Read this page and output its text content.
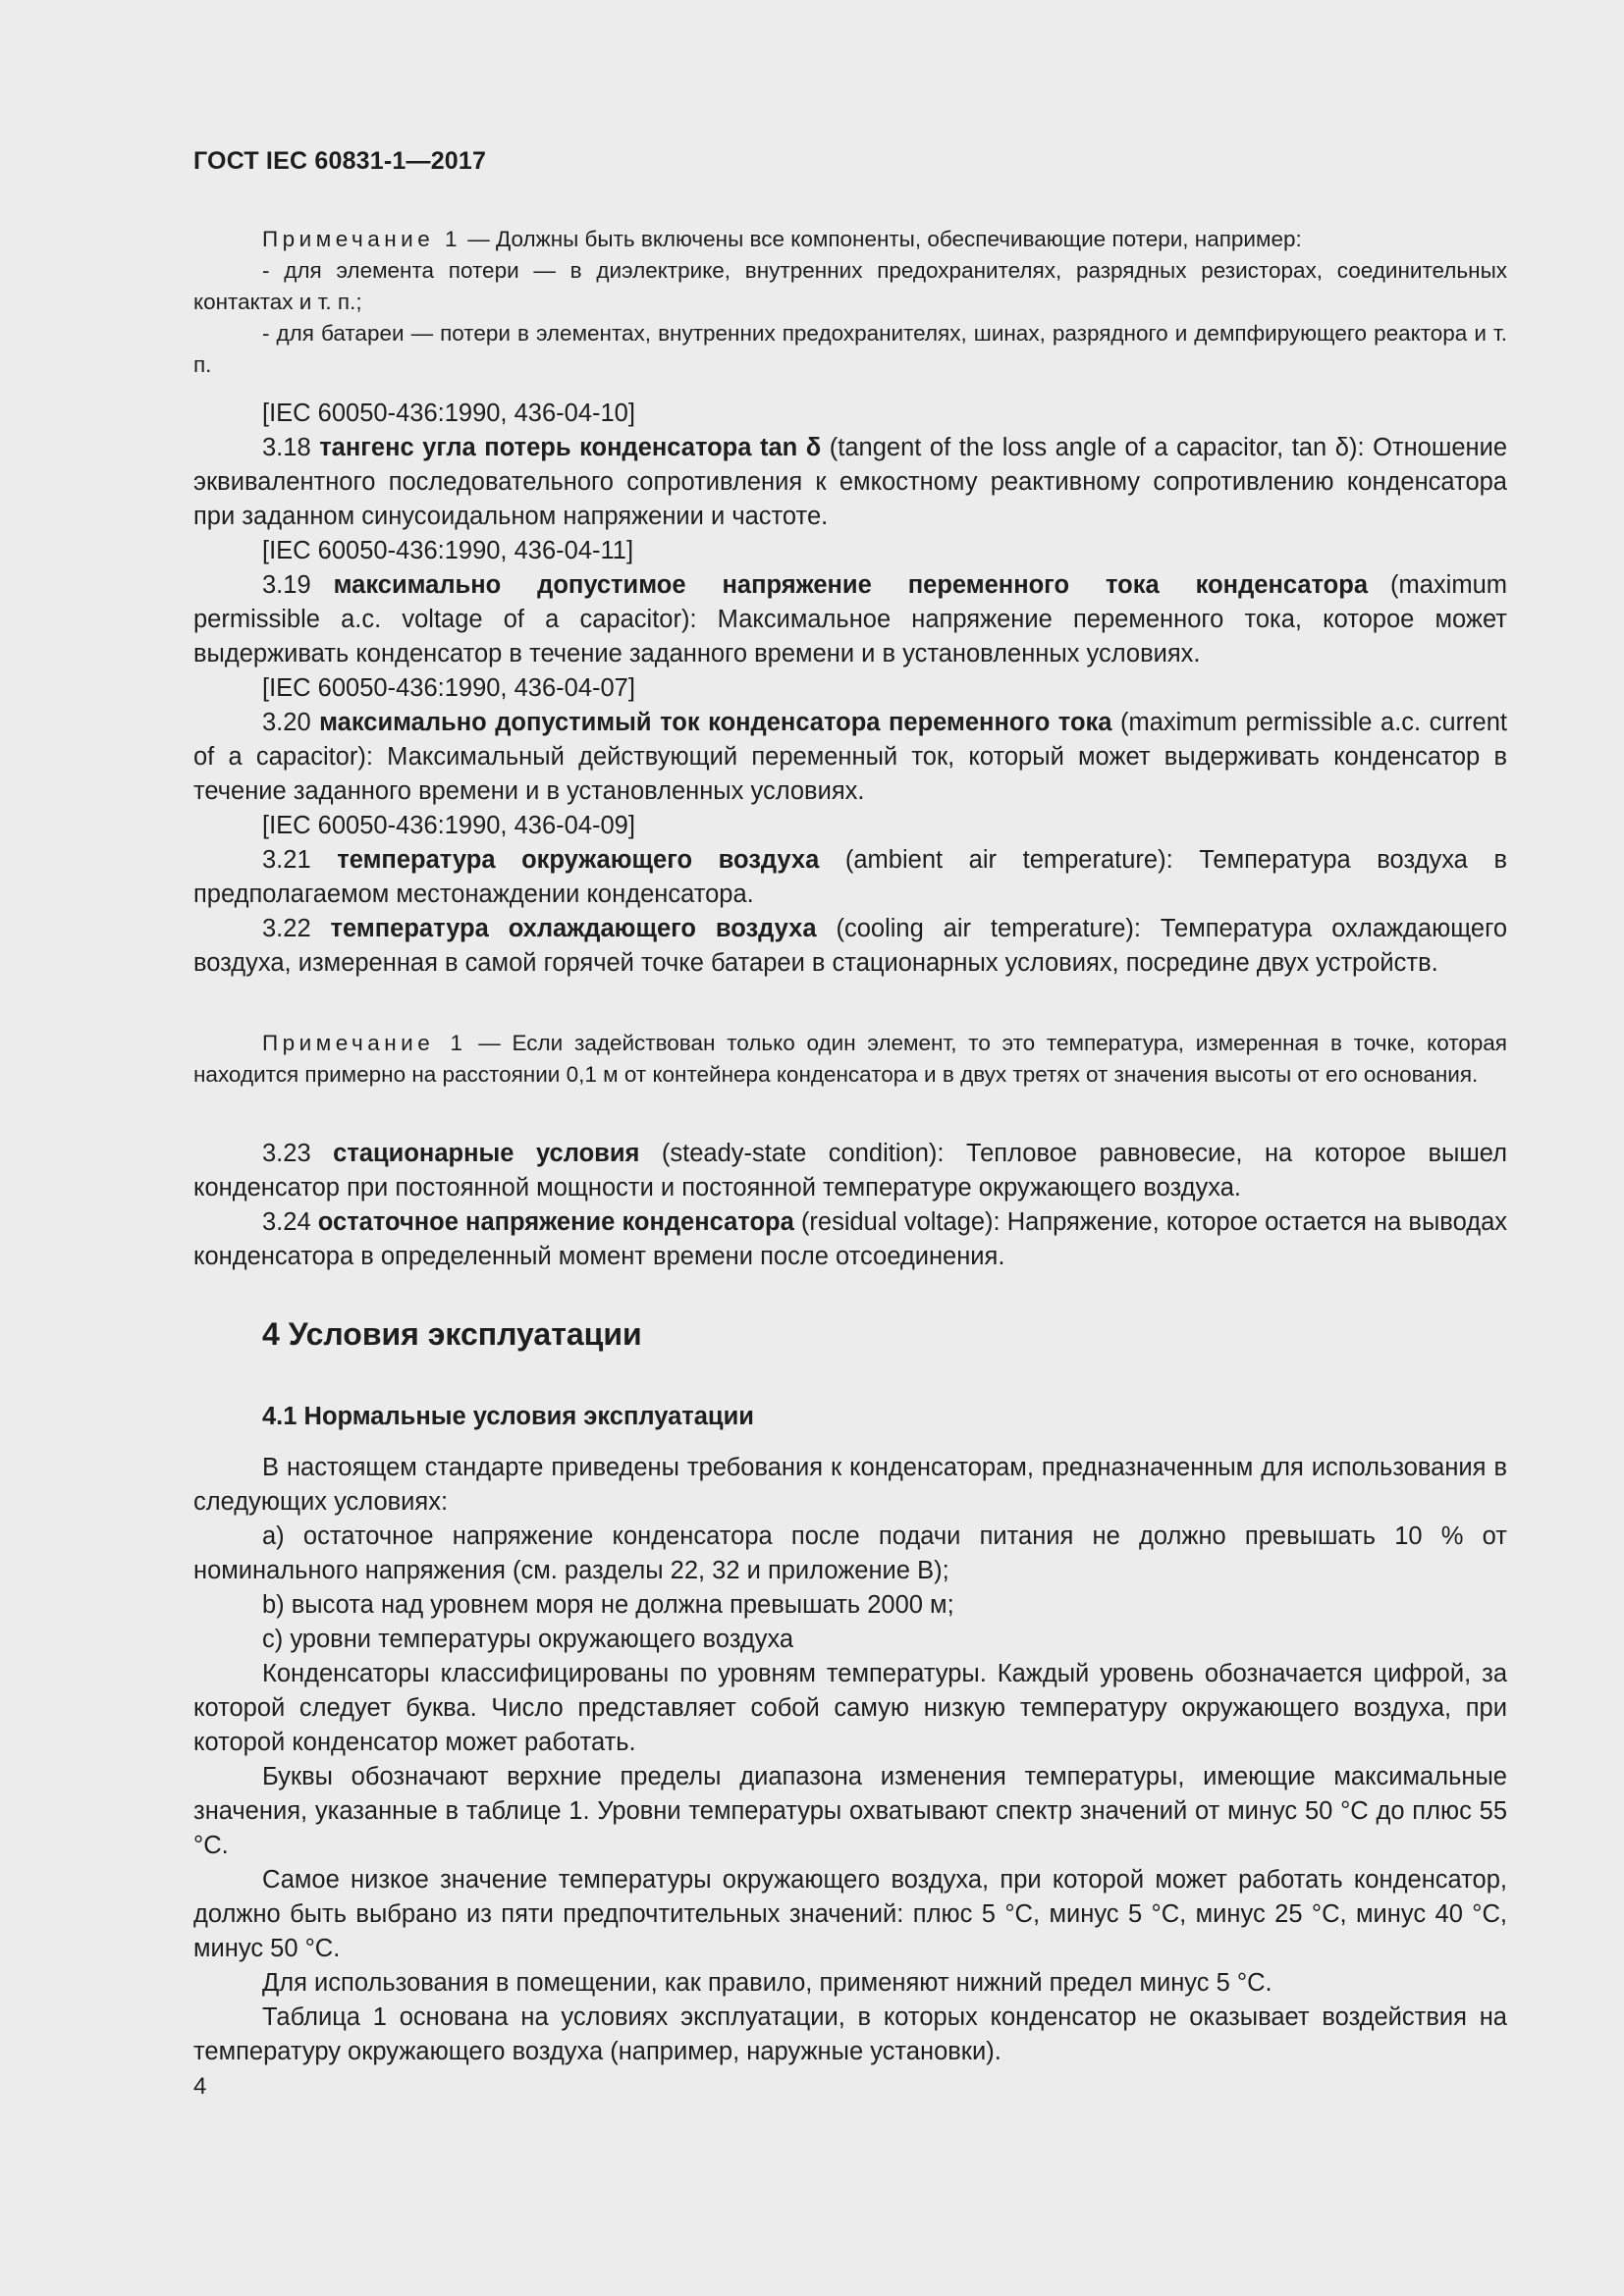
ГОСТ IEC 60831-1—2017

Примечание 1 — Должны быть включены все компоненты, обеспечивающие потери, например:

- для элемента потери — в диэлектрике, внутренних предохранителях, разрядных резисторах, соединительных контактах и т. п.;

- для батареи — потери в элементах, внутренних предохранителях, шинах, разрядного и демпфирующего реактора и т. п.

[IEC 60050-436:1990, 436-04-10]

3.18 тангенс угла потерь конденсатора tan δ (tangent of the loss angle of a capacitor, tan δ): Отношение эквивалентного последовательного сопротивления к емкостному реактивному сопротивлению конденсатора при заданном синусоидальном напряжении и частоте.

[IEC 60050-436:1990, 436-04-11]

3.19 максимально допустимое напряжение переменного тока конденсатора (maximum permissible a.c. voltage of a capacitor): Максимальное напряжение переменного тока, которое может выдерживать конденсатор в течение заданного времени и в установленных условиях.

[IEC 60050-436:1990, 436-04-07]

3.20 максимально допустимый ток конденсатора переменного тока (maximum permissible a.c. current of a capacitor): Максимальный действующий переменный ток, который может выдерживать конденсатор в течение заданного времени и в установленных условиях.

[IEC 60050-436:1990, 436-04-09]

3.21 температура окружающего воздуха (ambient air temperature): Температура воздуха в предполагаемом местонаждении конденсатора.

3.22 температура охлаждающего воздуха (cooling air temperature): Температура охлаждающего воздуха, измеренная в самой горячей точке батареи в стационарных условиях, посредине двух устройств.

Примечание 1 — Если задействован только один элемент, то это температура, измеренная в точке, которая находится примерно на расстоянии 0,1 м от контейнера конденсатора и в двух третях от значения высоты от его основания.

3.23 стационарные условия (steady-state condition): Тепловое равновесие, на которое вышел конденсатор при постоянной мощности и постоянной температуре окружающего воздуха.

3.24 остаточное напряжение конденсатора (residual voltage): Напряжение, которое остается на выводах конденсатора в определенный момент времени после отсоединения.

4 Условия эксплуатации
4.1 Нормальные условия эксплуатации

В настоящем стандарте приведены требования к конденсаторам, предназначенным для использования в следующих условиях:

a) остаточное напряжение конденсатора после подачи питания не должно превышать 10 % от номинального напряжения (см. разделы 22, 32 и приложение В);

b) высота над уровнем моря не должна превышать 2000 м;

c) уровни температуры окружающего воздуха

Конденсаторы классифицированы по уровням температуры. Каждый уровень обозначается цифрой, за которой следует буква. Число представляет собой самую низкую температуру окружающего воздуха, при которой конденсатор может работать.

Буквы обозначают верхние пределы диапазона изменения температуры, имеющие максимальные значения, указанные в таблице 1. Уровни температуры охватывают спектр значений от минус 50 °С до плюс 55 °С.

Самое низкое значение температуры окружающего воздуха, при которой может работать конденсатор, должно быть выбрано из пяти предпочтительных значений: плюс 5 °С, минус 5 °С, минус 25 °С, минус 40 °С, минус 50 °С.

Для использования в помещении, как правило, применяют нижний предел минус 5 °С.

Таблица 1 основана на условиях эксплуатации, в которых конденсатор не оказывает воздействия на температуру окружающего воздуха (например, наружные установки).

4
